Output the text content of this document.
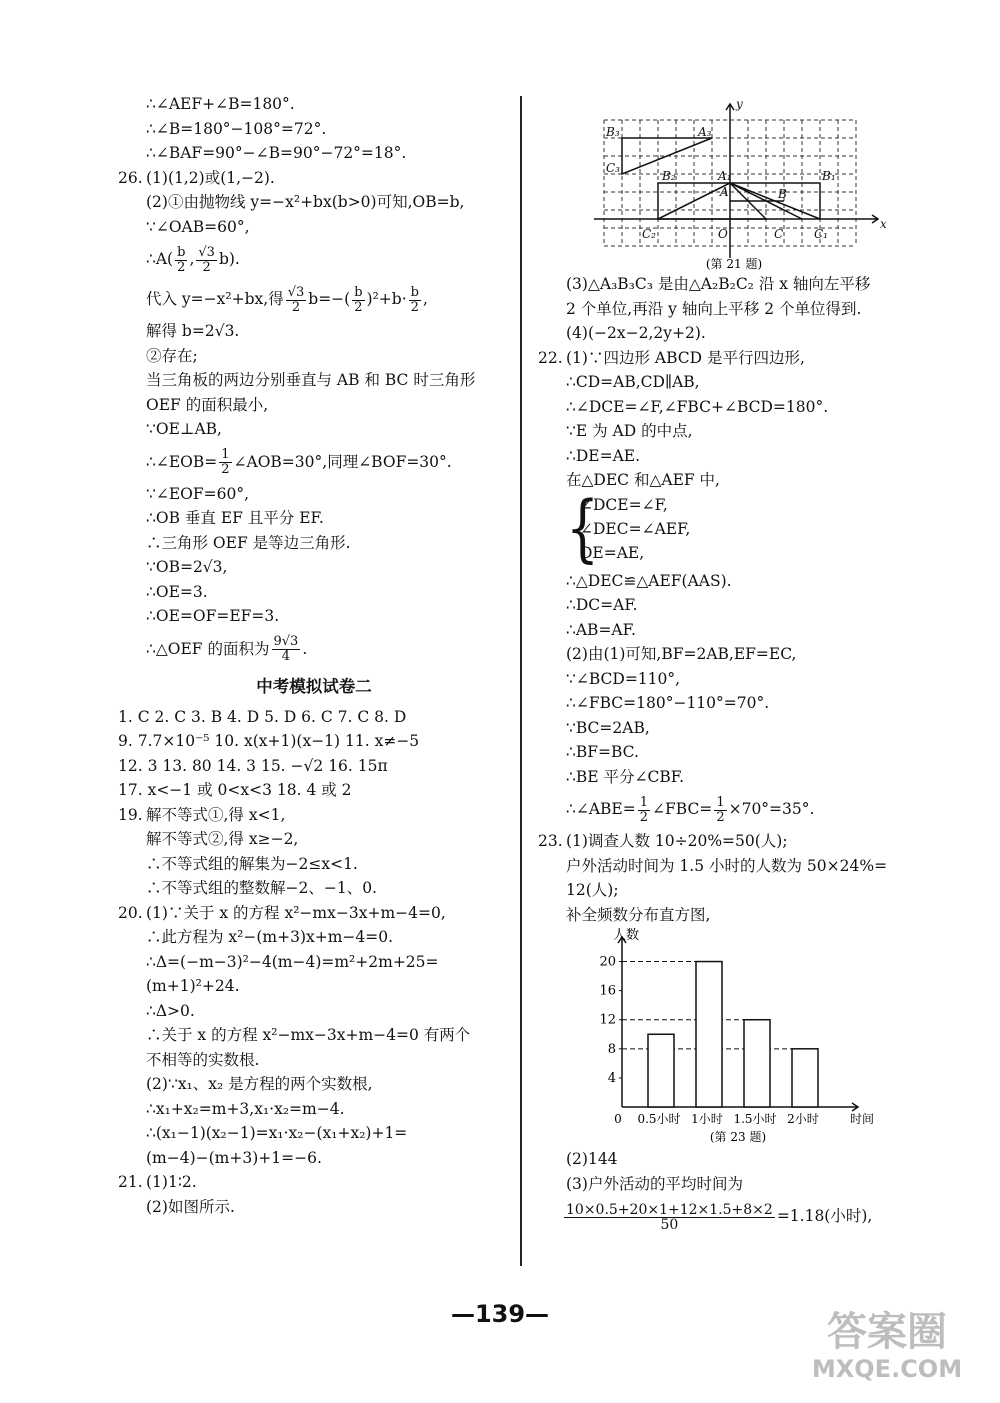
∴∠AEF+∠B=180°.
∴∠B=180°−108°=72°.
∴∠BAF=90°−∠B=90°−72°=18°.
26. (1)(1,2)或(1,−2).
(2)①由抛物线 y=−x²+bx(b>0)可知,OB=b,
∵∠OAB=60°,
∴A( $\frac{b}{2}$ , $\frac{√3}{2} b$).
代入 y=−x²+bx,得 $\frac{√3}{2} b=-( \frac{b}{2} )^2+b\cdot \frac{b}{2}$ ,
解得 b=2√3.
②存在;
当三角板的两边分别垂直与 AB 和 BC 时三角形
OEF 的面积最小,
∵OE⊥AB,
∴∠EOB= $\frac{1}{2}$ ∠AOB=30°,同理∠BOF=30°.
∵∠EOF=60°,
∴OB 垂直 EF 且平分 EF.
∴三角形 OEF 是等边三角形.
∵OB=2√3,
∴OE=3.
∴OE=OF=EF=3.
∴△OEF 的面积为 $\frac{9√3}{4}$ .
中考模拟试卷二
1. C 2. C 3. B 4. D 5. D 6. C 7. C 8. D
9. 7.7×10⁻⁵ 10. x(x+1)(x−1) 11. x≠−5
12. 3 13. 80 14. 3 15. −√2 16. 15π
17. x<−1 或 0<x<3 18. 4 或 2
19. 解不等式①,得 x<1,
解不等式②,得 x≥−2,
∴不等式组的解集为−2≤x<1.
∴不等式组的整数解−2、−1、0.
20. (1)∵关于 x 的方程 x²−mx−3x+m−4=0,
∴此方程为 x²−(m+3)x+m−4=0.
∴Δ=(−m−3)²−4(m−4)=m²+2m+25=
(m+1)²+24.
∴Δ>0.
∴关于 x 的方程 x²−mx−3x+m−4=0 有两个
不相等的实数根.
(2)∵x₁、x₂ 是方程的两个实数根,
∴x₁+x₂=m+3,x₁·x₂=m−4.
∴(x₁−1)(x₂−1)=x₁·x₂−(x₁+x₂)+1=
(m−4)−(m+3)+1=−6.
21. (1)1∶2.
(2)如图所示.
y
x
B₃	A₃
A₁	B₁
B₂
C₃
A	B
C₂	O	C	C₁
(第 21 题)
(3)△A₃B₃C₃ 是由△A₂B₂C₂ 沿 x 轴向左平移
2 个单位,再沿 y 轴向上平移 2 个单位得到.
(4)(−2x−2,2y+2).
22. (1)∵四边形 ABCD 是平行四边形,
∴CD=AB,CD∥AB,
∴∠DCE=∠F,∠FBC+∠BCD=180°.
∵E 为 AD 的中点,
∴DE=AE.
在△DEC 和△AEF 中,
{
∠DCE=∠F,
∠DEC=∠AEF,
DE=AE,
∴△DEC≌△AEF(AAS).
∴DC=AF.
∴AB=AF.
(2)由(1)可知,BF=2AB,EF=EC,
∵∠BCD=110°,
∴∠FBC=180°−110°=70°.
∵BC=2AB,
∴BF=BC.
∴BE 平分∠CBF.
∴∠ABE= $\frac{1}{2}$ ∠FBC= $\frac{1}{2} \times 70^\circ=35^\circ$.
23. (1)调查人数 10÷20%=50(人);
户外活动时间为 1.5 小时的人数为 50×24%=
12(人);
补全频数分布直方图,
4
8
12
16
20
0 0.5小时 1小时 1.5小时 2小时	时间
人数
(第 23 题)
(2)144
(3)户外活动的平均时间为
$\frac{10\times 0.5+20\times 1+12\times 1.5+8\times 2}{50} =1.18$(小时),
—139—	答案圈
MXQE.COM
